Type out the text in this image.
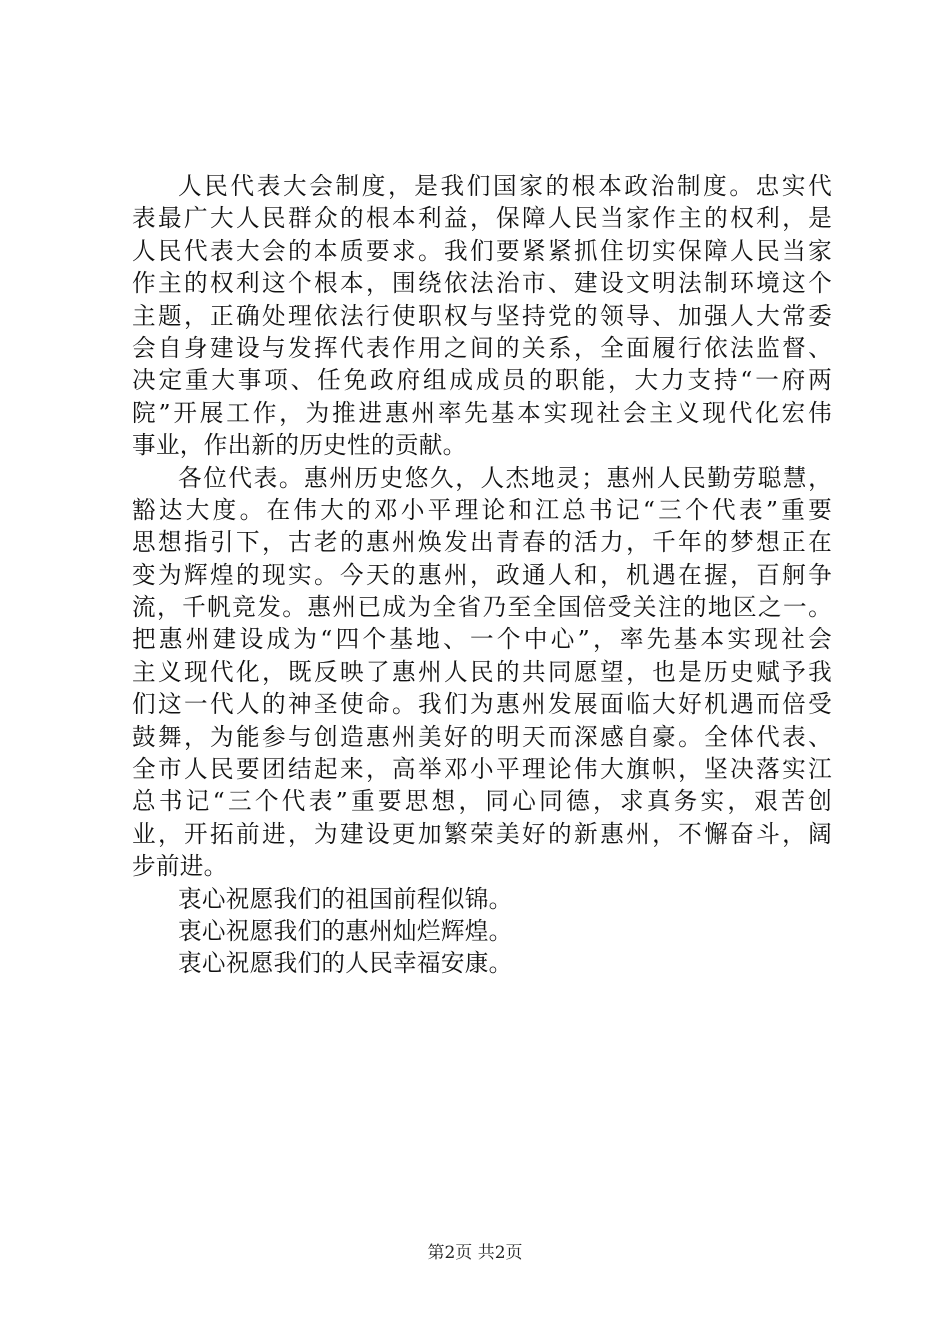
人民代表大会制度，是我们国家的根本政治制度。忠实代
表最广大人民群众的根本利益，保障人民当家作主的权利，是
人民代表大会的本质要求。我们要紧紧抓住切实保障人民当家
作主的权利这个根本，围绕依法治市、建设文明法制环境这个
主题，正确处理依法行使职权与坚持党的领导、加强人大常委
会自身建设与发挥代表作用之间的关系，全面履行依法监督、
决定重大事项、任免政府组成成员的职能，大力支持“一府两
院”开展工作，为推进惠州率先基本实现社会主义现代化宏伟
事业，作出新的历史性的贡献。
各位代表。惠州历史悠久，人杰地灵；惠州人民勤劳聪慧，
豁达大度。在伟大的邓小平理论和江总书记“三个代表”重要
思想指引下，古老的惠州焕发出青春的活力，千年的梦想正在
变为辉煌的现实。今天的惠州，政通人和，机遇在握，百舸争
流，千帆竞发。惠州已成为全省乃至全国倍受关注的地区之一。
把惠州建设成为“四个基地、一个中心”，率先基本实现社会
主义现代化，既反映了惠州人民的共同愿望，也是历史赋予我
们这一代人的神圣使命。我们为惠州发展面临大好机遇而倍受
鼓舞，为能参与创造惠州美好的明天而深感自豪。全体代表、
全市人民要团结起来，高举邓小平理论伟大旗帜，坚决落实江
总书记“三个代表”重要思想，同心同德，求真务实，艰苦创
业，开拓前进，为建设更加繁荣美好的新惠州，不懈奋斗，阔
步前进。
衷心祝愿我们的祖国前程似锦。
衷心祝愿我们的惠州灿烂辉煌。
衷心祝愿我们的人民幸福安康。
第2页 共2页
